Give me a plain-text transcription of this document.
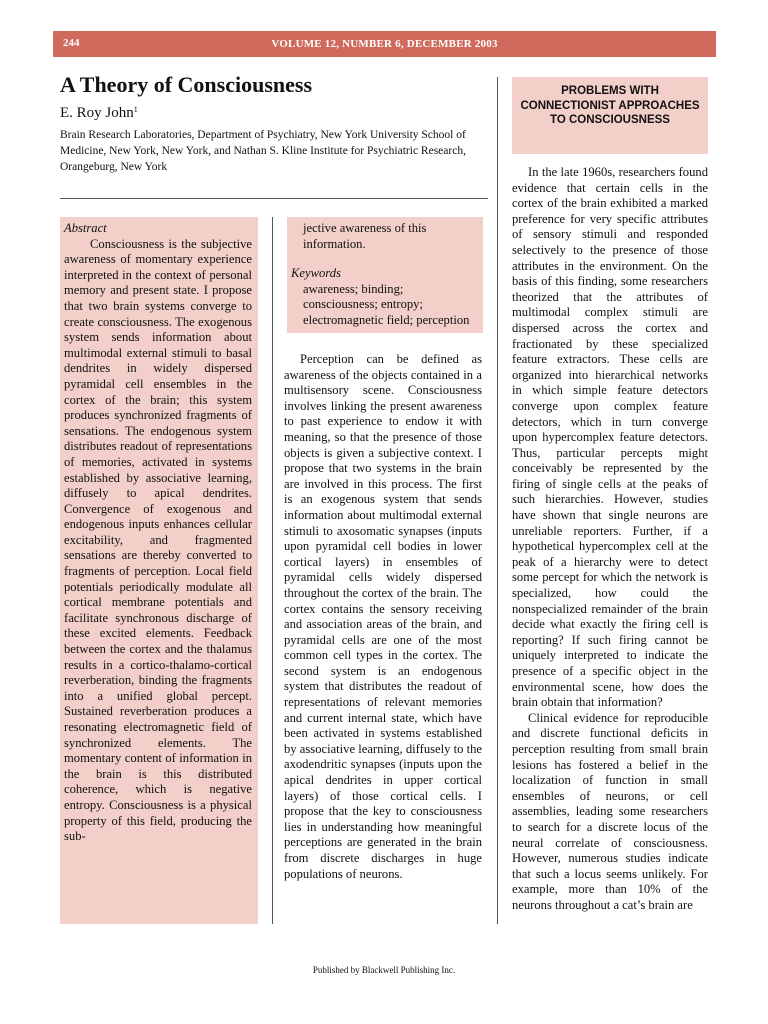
244	VOLUME 12, NUMBER 6, DECEMBER 2003
A Theory of Consciousness
E. Roy John$^1$
Brain Research Laboratories, Department of Psychiatry, New York University School of Medicine, New York, New York, and Nathan S. Kline Institute for Psychiatric Research, Orangeburg, New York
Abstract
Consciousness is the subjective awareness of momentary experience interpreted in the context of personal memory and present state. I propose that two brain systems converge to create consciousness. The exogenous system sends information about multimodal external stimuli to basal dendrites in widely dispersed pyramidal cell ensembles in the cortex of the brain; this system produces synchronized fragments of sensations. The endogenous system distributes readout of representations of memories, activated in systems established by associative learning, diffusely to apical dendrites. Convergence of exogenous and endogenous inputs enhances cellular excitability, and fragmented sensations are thereby converted to fragments of perception. Local field potentials periodically modulate all cortical membrane potentials and facilitate synchronous discharge of these excited elements. Feedback between the cortex and the thalamus results in a cortico-thalamo-cortical reverberation, binding the fragments into a unified global percept. Sustained reverberation produces a resonating electromagnetic field of synchronized elements. The momentary content of information in the brain is this distributed coherence, which is negative entropy. Consciousness is a physical property of this field, producing the sub-
jective awareness of this information.
Keywords
awareness; binding; consciousness; entropy; electromagnetic field; perception

Perception can be defined as awareness of the objects contained in a multisensory scene. Consciousness involves linking the present awareness to past experience to endow it with meaning, so that the presence of those objects is given a subjective context. I propose that two systems in the brain are involved in this process. The first is an exogenous system that sends information about multimodal external stimuli to axosomatic synapses (inputs upon pyramidal cell bodies in lower cortical layers) in ensembles of pyramidal cells widely dispersed throughout the cortex of the brain. The cortex contains the sensory receiving and association areas of the brain, and pyramidal cells are one of the most common cell types in the cortex. The second system is an endogenous system that distributes the readout of representations of relevant memories and current internal state, which have been activated in systems established by associative learning, diffusely to the axodendritic synapses (inputs upon the apical dendrites in upper cortical layers) of those cortical cells. I propose that the key to consciousness lies in understanding how meaningful perceptions are generated in the brain from discrete discharges in huge populations of neurons.

PROBLEMS WITH CONNECTIONIST APPROACHES TO CONSCIOUSNESS

In the late 1960s, researchers found evidence that certain cells in the cortex of the brain exhibited a marked preference for very specific attributes of sensory stimuli and responded selectively to the presence of those attributes in the environment. On the basis of this finding, some researchers theorized that the attributes of multimodal complex stimuli are dispersed across the cortex and fractionated by these specialized feature extractors. These cells are organized into hierarchical networks in which simple feature detectors converge upon complex feature detectors, which in turn converge upon hypercomplex feature detectors. Thus, particular percepts might conceivably be represented by the firing of single cells at the peaks of such hierarchies. However, studies have shown that single neurons are unreliable reporters. Further, if a hypothetical hypercomplex cell at the peak of a hierarchy were to detect some percept for which the network is specialized, how could the nonspecialized remainder of the brain decide what exactly the firing cell is reporting? If such firing cannot be uniquely interpreted to indicate the presence of a specific object in the environmental scene, how does the brain obtain that information?

Clinical evidence for reproducible and discrete functional deficits in perception resulting from small brain lesions has fostered a belief in the localization of function in small ensembles of neurons, or cell assemblies, leading some researchers to search for a discrete locus of the neural correlate of consciousness. However, numerous studies indicate that such a locus seems unlikely. For example, more than 10% of the neurons throughout a cat’s brain are

Published by Blackwell Publishing Inc.
